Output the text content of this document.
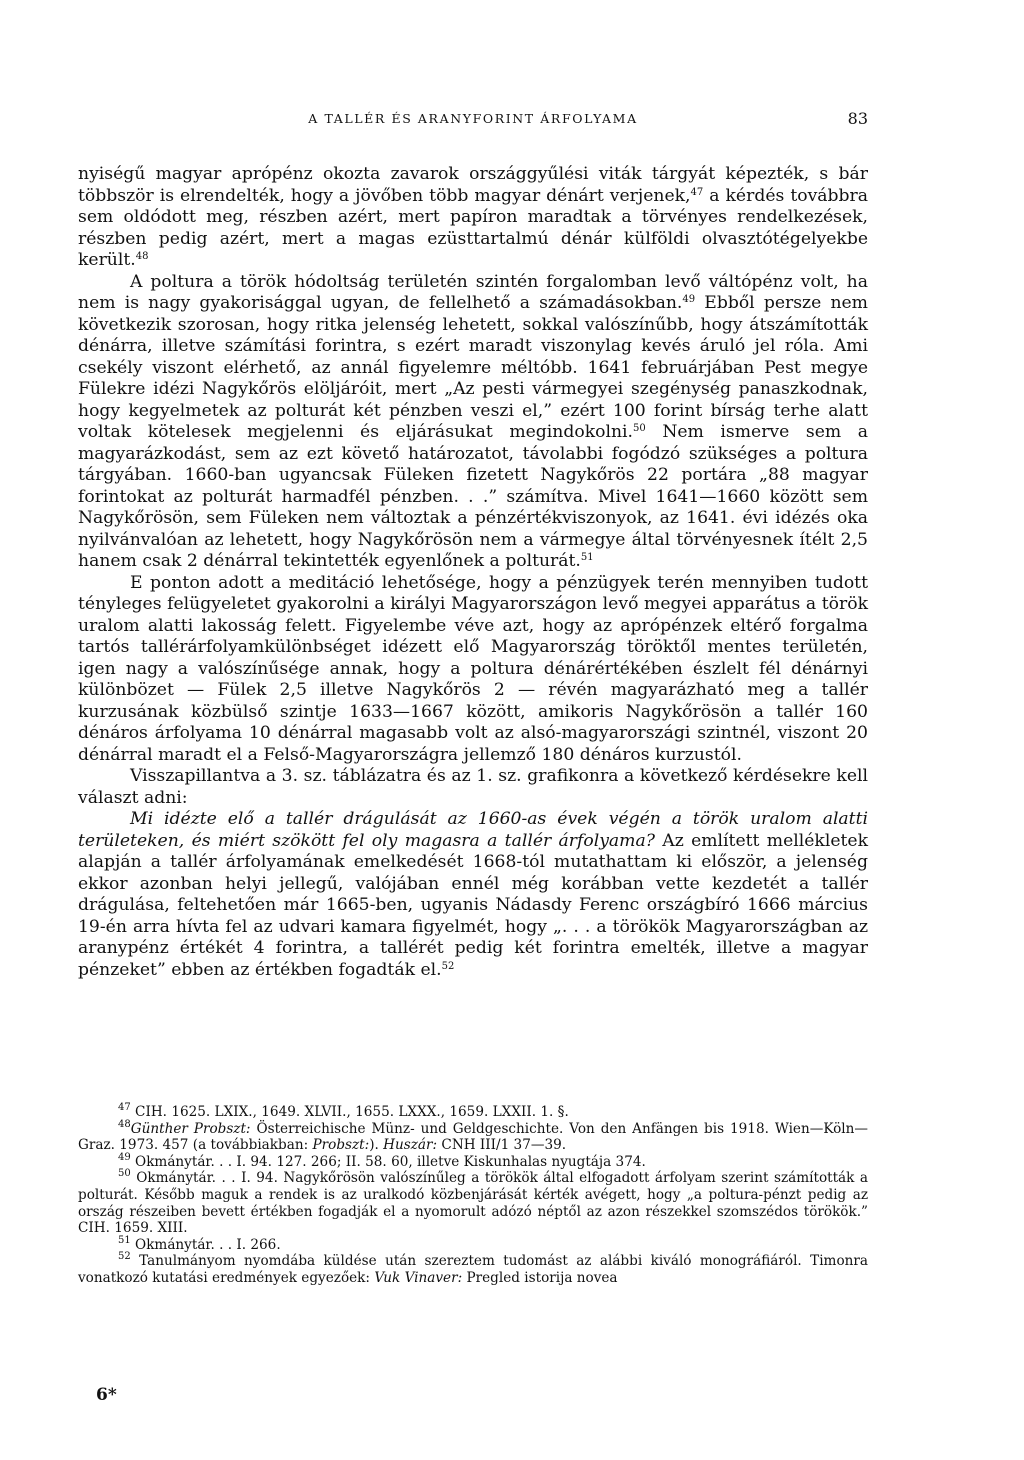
A TALLÉR ÉS ARANYFORINT ÁRFOLYAMA	83

nyiségű magyar aprópénz okozta zavarok országgyűlési viták tárgyát képezték, s bár többször is elrendelték, hogy a jövőben több magyar dénárt verjenek,$^{47}$ a kérdés továbbra sem oldódott meg, részben azért, mert papíron maradtak a törvényes rendelkezések, részben pedig azért, mert a magas ezüsttartalmú dénár külföldi olvasztótégelyekbe került.$^{48}$

A poltura a török hódoltság területén szintén forgalomban levő váltópénz volt, ha nem is nagy gyakorisággal ugyan, de fellelhető a számadásokban.$^{49}$ Ebből persze nem következik szorosan, hogy ritka jelenség lehetett, sokkal valószínűbb, hogy átszámították dénárra, illetve számítási forintra, s ezért maradt viszonylag kevés áruló jel róla. Ami csekély viszont elérhető, az annál figyelemre méltóbb. 1641 februárjában Pest megye Fülekre idézi Nagykőrös elöljáróit, mert „Az pesti vármegyei szegénység panaszkodnak, hogy kegyelmetek az polturát két pénzben veszi el,” ezért 100 forint bírság terhe alatt voltak kötelesek megjelenni és eljárásukat megindokolni.$^{50}$ Nem ismerve sem a magyarázkodást, sem az ezt követő határozatot, távolabbi fogódzó szükséges a poltura tárgyában. 1660-ban ugyancsak Füleken fizetett Nagykőrös 22 portára „88 magyar forintokat az polturát harmadfél pénzben. . .” számítva. Mivel 1641—1660 között sem Nagykőrösön, sem Füleken nem változtak a pénzértékviszonyok, az 1641. évi idézés oka nyilvánvalóan az lehetett, hogy Nagykőrösön nem a vármegye által törvényesnek ítélt 2,5 hanem csak 2 dénárral tekintették egyenlőnek a polturát.$^{51}$

E ponton adott a meditáció lehetősége, hogy a pénzügyek terén mennyiben tudott tényleges felügyeletet gyakorolni a királyi Magyarországon levő megyei apparátus a török uralom alatti lakosság felett. Figyelembe véve azt, hogy az aprópénzek eltérő forgalma tartós tallérárfolyamkülönbséget idézett elő Magyarország töröktől mentes területén, igen nagy a valószínűsége annak, hogy a poltura dénárértékében észlelt fél dénárnyi különbözet — Fülek 2,5 illetve Nagykőrös 2 — révén magyarázható meg a tallér kurzusának közbülső szintje 1633—1667 között, amikoris Nagykőrösön a tallér 160 dénáros árfolyama 10 dénárral magasabb volt az alsó-magyarországi szintnél, viszont 20 dénárral maradt el a Felső-Magyarországra jellemző 180 dénáros kurzustól.

Visszapillantva a 3. sz. táblázatra és az 1. sz. grafikonra a következő kérdésekre kell választ adni:

Mi idézte elő a tallér drágulását az 1660-as évek végén a török uralom alatti területeken, és miért szökött fel oly magasra a tallér árfolyama? Az említett mellékletek alapján a tallér árfolyamának emelkedését 1668-tól mutathattam ki először, a jelenség ekkor azonban helyi jellegű, valójában ennél még korábban vette kezdetét a tallér drágulása, feltehetően már 1665-ben, ugyanis Nádasdy Ferenc országbíró 1666 március 19-én arra hívta fel az udvari kamara figyelmét, hogy „. . . a törökök Magyarországban az aranypénz értékét 4 forintra, a tallérét pedig két forintra emelték, illetve a magyar pénzeket” ebben az értékben fogadták el.$^{52}$

$^{47}$ CIH. 1625. LXIX., 1649. XLVII., 1655. LXXX., 1659. LXXII. 1. §.

$^{48}$Günther Probszt: Österreichische Münz- und Geldgeschichte. Von den Anfängen bis 1918. Wien—Köln—Graz. 1973. 457 (a továbbiakban: Probszt:). Huszár: CNH III/1 37—39.

$^{49}$ Okmánytár. . . I. 94. 127. 266; II. 58. 60, illetve Kiskunhalas nyugtája 374.

$^{50}$ Okmánytár. . . I. 94. Nagykőrösön valószínűleg a törökök által elfogadott árfolyam szerint számították a polturát. Később maguk a rendek is az uralkodó közbenjárását kérték avégett, hogy „a poltura-pénzt pedig az ország részeiben bevett értékben fogadják el a nyomorult adózó néptől az azon részekkel szomszédos törökök.” CIH. 1659. XIII.

$^{51}$ Okmánytár. . . I. 266.

$^{52}$ Tanulmányom nyomdába küldése után szereztem tudomást az alábbi kiváló monográfiáról. Timonra vonatkozó kutatási eredmények egyezőek: Vuk Vinaver: Pregled istorija novea

6*
